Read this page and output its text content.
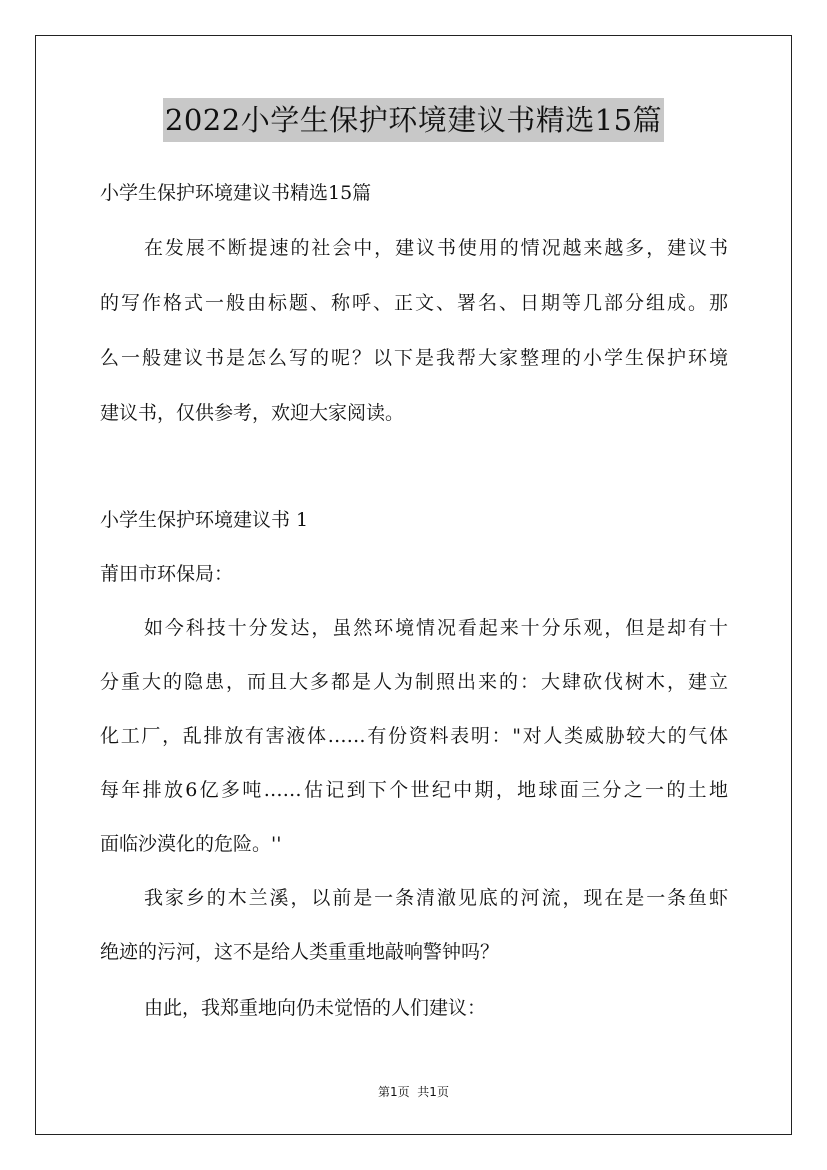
2022小学生保护环境建议书精选15篇
小学生保护环境建议书精选15篇
在发展不断提速的社会中，建议书使用的情况越来越多，建议书
的写作格式一般由标题、称呼、正文、署名、日期等几部分组成。那
么一般建议书是怎么写的呢？以下是我帮大家整理的小学生保护环境
建议书，仅供参考，欢迎大家阅读。
小学生保护环境建议书 1
莆田市环保局：
如今科技十分发达，虽然环境情况看起来十分乐观，但是却有十
分重大的隐患，而且大多都是人为制照出来的：大肆砍伐树木，建立
化工厂，乱排放有害液体……有份资料表明："对人类威胁较大的气体
每年排放6亿多吨……估记到下个世纪中期，地球面三分之一的土地
面临沙漠化的危险。''
我家乡的木兰溪，以前是一条清澈见底的河流，现在是一条鱼虾
绝迹的污河，这不是给人类重重地敲响警钟吗？
由此，我郑重地向仍未觉悟的人们建议：
第1页  共1页
